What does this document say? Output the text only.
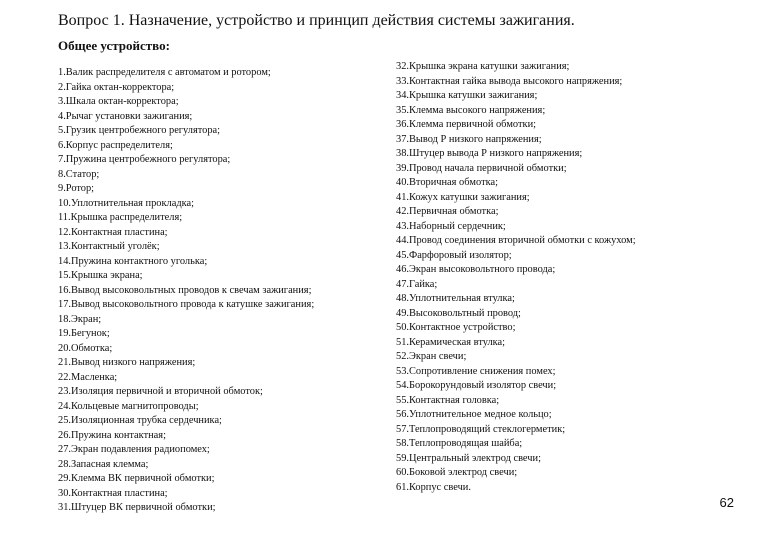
Вопрос 1. Назначение, устройство и принцип действия системы зажигания.
Общее устройство:
1.Валик распределителя с автоматом и ротором;
2.Гайка октан-корректора;
3.Шкала октан-корректора;
4.Рычаг установки зажигания;
5.Грузик центробежного регулятора;
6.Корпус распределителя;
7.Пружина центробежного регулятора;
8.Статор;
9.Ротор;
10.Уплотнительная прокладка;
11.Крышка распределителя;
12.Контактная пластина;
13.Контактный уголёк;
14.Пружина контактного уголька;
15.Крышка экрана;
16.Вывод высоковольтных проводов к свечам зажигания;
17.Вывод высоковольтного провода к катушке зажигания;
18.Экран;
19.Бегунок;
20.Обмотка;
21.Вывод низкого напряжения;
22.Масленка;
23.Изоляция первичной и вторичной обмоток;
24.Кольцевые магнитопроводы;
25.Изоляционная трубка сердечника;
26.Пружина контактная;
27.Экран подавления радиопомех;
28.Запасная клемма;
29.Клемма ВК первичной обмотки;
30.Контактная пластина;
31.Штуцер ВК первичной обмотки;
32.Крышка экрана катушки зажигания;
33.Контактная гайка вывода высокого напряжения;
34.Крышка катушки зажигания;
35.Клемма высокого напряжения;
36.Клемма первичной обмотки;
37.Вывод Р низкого напряжения;
38.Штуцер вывода Р низкого напряжения;
39.Провод начала первичной обмотки;
40.Вторичная обмотка;
41.Кожух катушки зажигания;
42.Первичная обмотка;
43.Наборный сердечник;
44.Провод соединения вторичной обмотки с кожухом;
45.Фарфоровый изолятор;
46.Экран высоковольтного провода;
47.Гайка;
48.Уплотнительная втулка;
49.Высоковольтный провод;
50.Контактное устройство;
51.Керамическая втулка;
52.Экран свечи;
53.Сопротивление снижения помех;
54.Борокорундовый изолятор свечи;
55.Контактная головка;
56.Уплотнительное медное кольцо;
57.Теплопроводящий стеклогерметик;
58.Теплопроводящая шайба;
59.Центральный электрод свечи;
60.Боковой электрод свечи;
61.Корпус свечи.
62
